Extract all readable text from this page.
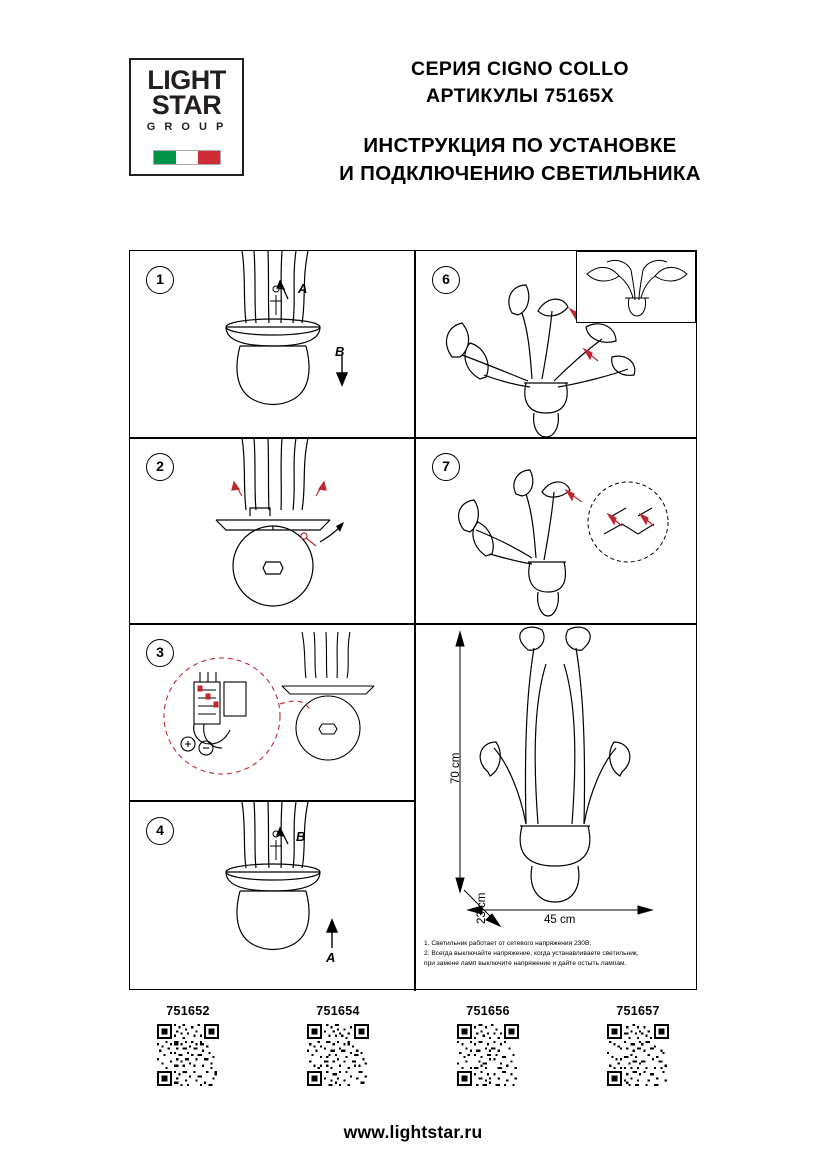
LIGHT
STAR
G R O U P
СЕРИЯ CIGNO COLLO
АРТИКУЛЫ 75165X
ИНСТРУКЦИЯ ПО УСТАНОВКЕ
И ПОДКЛЮЧЕНИЮ СВЕТИЛЬНИКА
1
A
B
2
3
4	B
A
6
7
70 cm
23 cm	45 cm

1. Светильник работает от сетевого напряжения 230В.

2. Всегда выключайте напряжение, когда устанавливаете светильник,

при замене ламп выключите напряжение и дайте остыть лампам.

751652	751654	751656	751657
www.lightstar.ru
